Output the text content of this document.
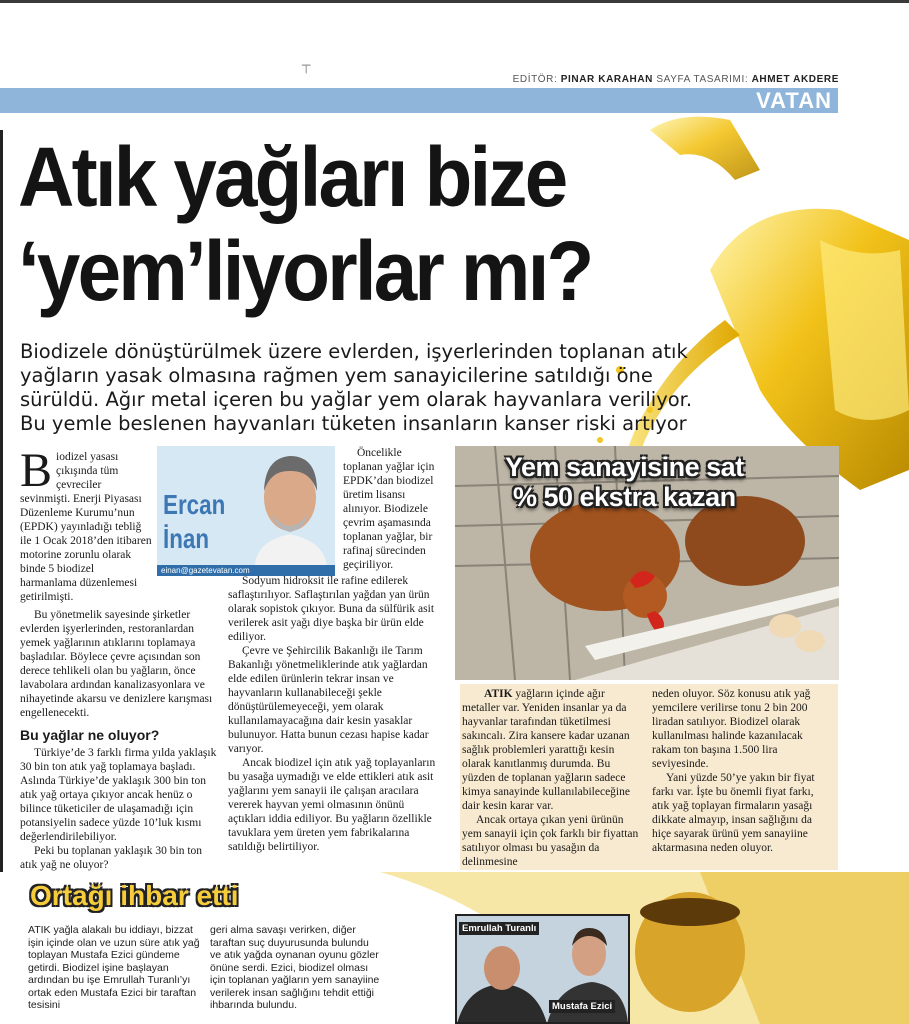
┬
EDİTÖR: PINAR KARAHAN SAYFA TASARIMI: AHMET AKDERE
VATAN
Atık yağları bize
‘yem’liyorlar mı?

Biodizele dönüştürülmek üzere evlerden, işyerlerinden toplanan atık yağların yasak olmasına rağmen yem sanayicilerine satıldığı öne sürüldü. Ağır metal içeren bu yağlar yem olarak hayvanlara veriliyor. Bu yemle beslenen hayvanları tüketen insanların kanser riski artıyor

Biodizel yasası çıkışında tüm çevreciler sevinmişti. Enerji Piyasası Düzenleme Kurumu’nun (EPDK) yayınladığı tebliğ ile 1 Ocak 2018’den itibaren motorine zorunlu olarak binde 5 biodizel harmanlama düzenlemesi getirilmişti.

Bu yönetmelik sayesinde şirketler evlerden işyerlerinden, restoranlardan yemek yağlarının atıklarını toplamaya başladılar. Böylece çevre açısından son derece tehlikeli olan bu yağların, önce lavabolara ardından kanalizasyonlara ve nihayetinde akarsu ve denizlere karışması engellenecekti.

Bu yağlar ne oluyor?

Türkiye’de 3 farklı firma yılda yaklaşık 30 bin ton atık yağ toplamaya başladı. Aslında Türkiye’de yaklaşık 300 bin ton atık yağ ortaya çıkıyor ancak henüz o bilince tüketiciler de ulaşamadığı için potansiyelin sadece yüzde 10’luk kısmı değerlendirilebiliyor.

Peki bu toplanan yaklaşık 30 bin ton atık yağ ne oluyor?

Ercan
İnan
einan@gazetevatan.com

Öncelikle toplanan yağlar için EPDK’dan biodizel üretim lisansı alınıyor. Biodizele çevrim aşamasında toplanan yağlar, bir rafinaj sürecinden geçiriliyor.

Sodyum hidroksit ile rafine edilerek saflaştırılıyor. Saflaştırılan yağdan yan ürün olarak sopistok çıkıyor. Buna da sülfürik asit verilerek asit yağı diye başka bir ürün elde ediliyor.

Çevre ve Şehircilik Bakanlığı ile Tarım Bakanlığı yönetmeliklerinde atık yağlardan elde edilen ürünlerin tekrar insan ve hayvanların kullanabileceği şekle dönüştürülemeyeceği, yem olarak kullanılamayacağına dair kesin yasaklar bulunuyor. Hatta bunun cezası hapise kadar varıyor.

Ancak biodizel için atık yağ toplayanların bu yasağa uymadığı ve elde ettikleri atık asit yağlarını yem sanayii ile çalışan aracılara vererek hayvan yemi olmasının önünü açtıkları iddia ediliyor. Bu yağların özellikle tavuklara yem üreten yem fabrikalarına satıldığı belirtiliyor.

Yem sanayisine sat
% 50 ekstra kazan

ATIK yağların içinde ağır metaller var. Yeniden insanlar ya da hayvanlar tarafından tüketilmesi sakıncalı. Zira kansere kadar uzanan sağlık problemleri yarattığı kesin olarak kanıtlanmış durumda. Bu yüzden de toplanan yağların sadece kimya sanayinde kullanılabileceğine dair kesin karar var.

Ancak ortaya çıkan yeni ürünün yem sanayii için çok farklı bir fiyattan satılıyor olması bu yasağın da delinmesine

neden oluyor. Söz konusu atık yağ yemcilere verilirse tonu 2 bin 200 liradan satılıyor. Biodizel olarak kullanılması halinde kazanılacak rakam ton başına 1.500 lira seviyesinde.

Yani yüzde 50’ye yakın bir fiyat farkı var. İşte bu önemli fiyat farkı, atık yağ toplayan firmaların yasağı dikkate almayıp, insan sağlığını da hiçe sayarak ürünü yem sanayiine aktarmasına neden oluyor.

Ortağı ihbar etti
ATIK yağla alakalı bu iddiayı, bizzat işin içinde olan ve uzun süre atık yağ toplayan Mustafa Ezici gündeme getirdi. Biodizel işine başlayan ardından bu işe Emrullah Turanlı’yı ortak eden Mustafa Ezici bir taraftan tesisini
geri alma savaşı verirken, diğer taraftan suç duyurusunda bulundu ve atık yağda oynanan oyunu gözler önüne serdi. Ezici, biodizel olması için toplanan yağların yem sanayiine verilerek insan sağlığını tehdit ettiği ihbarında bulundu.
Emrullah Turanlı
Mustafa Ezici
